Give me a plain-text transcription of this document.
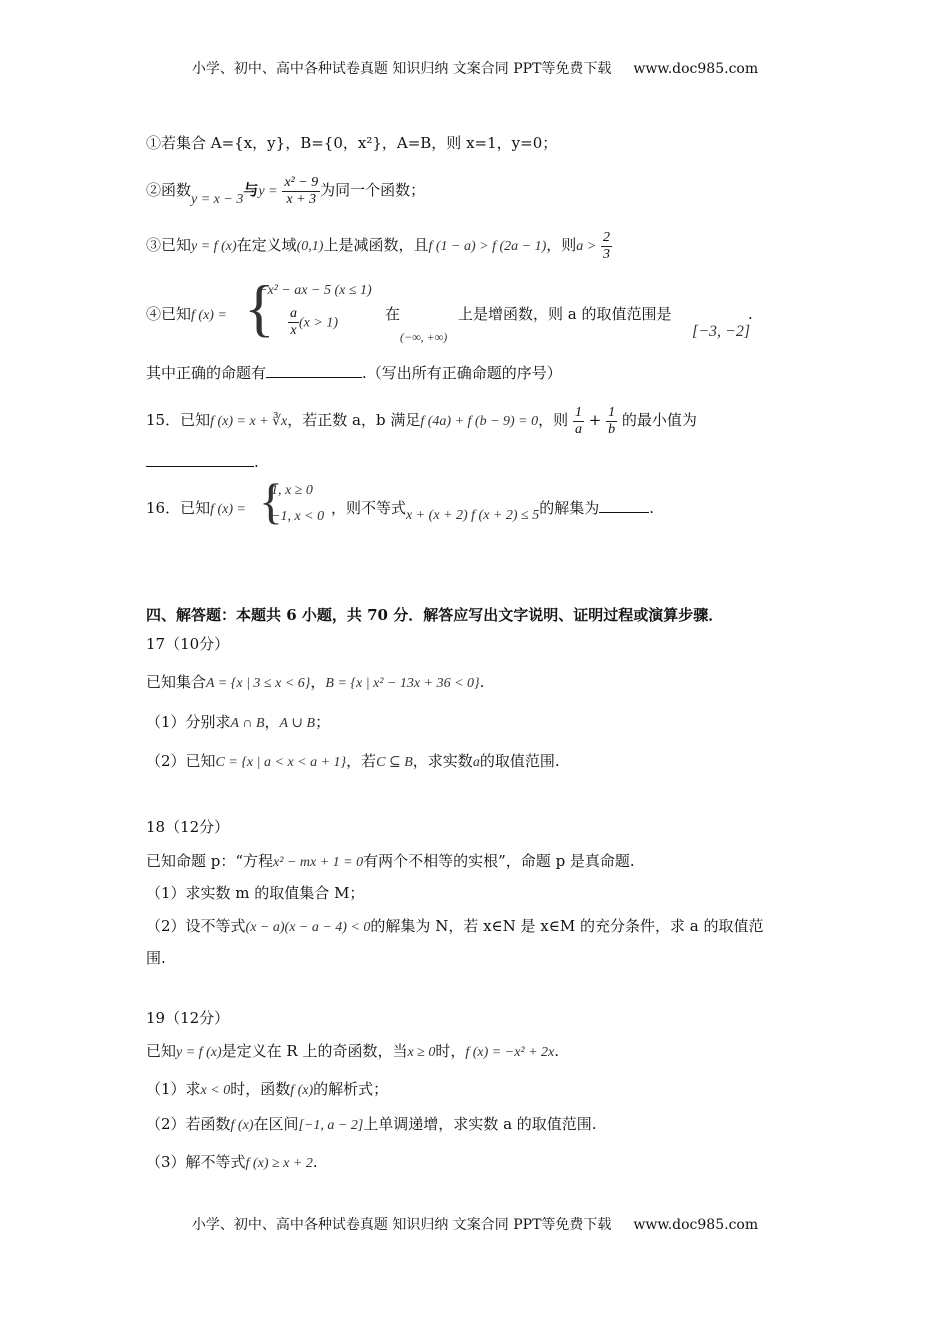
小学、初中、高中各种试卷真题 知识归纳 文案合同 PPT等免费下载 www.doc985.com
①若集合 A={x，y}，B={0，x²}，A=B，则 x=1，y=0；
②函数y = x − 3与$y = \frac{\text{x² − 9}}{x + 3}$ 为同一个函数；
③已知y = f (x)在定义域(0,1)上是减函数，且f (1 − a) > f (2a − 1)，则$a > \frac{2}{3}$
④已知f (x) = {
−x² − ax − 5 (x ≤ 1)
$\frac{a}{x} (x > 1)$	在
(−∞, +∞)
上是增函数，则 a 的取值范围是
[−3, −2]
.
其中正确的命题有	.（写出所有正确命题的序号）
15．已知f (x) = x + ∛x，若正数 a，b 满足f (4a) + f (b − 9) = 0，则 $\frac{1}{a} + \frac{1}{b}$ 的最小值为
.
16．已知f (x) = {
1, x ≥ 0
−1, x < 0 ，则不等式x + (x + 2) f (x + 2) ≤ 5的解集为	.
四、解答题：本题共 6 小题，共 70 分．解答应写出文字说明、证明过程或演算步骤．
17（10分）
已知集合A = {x | 3 ≤ x < 6}，B = {x | x² − 13x + 36 < 0}.
（1）分别求A ∩ B，A ∪ B；
（2）已知C = {x | a < x < a + 1}，若C ⊆ B，求实数a的取值范围.
18（12分）
已知命题 p：“方程x² − mx + 1 = 0有两个不相等的实根”，命题 p 是真命题.
（1）求实数 m 的取值集合 M；
（2）设不等式(x − a)(x − a − 4) < 0的解集为 N，若 x∈N 是 x∈M 的充分条件，求 a 的取值范
围.
19（12分）
已知y = f (x)是定义在 R 上的奇函数，当x ≥ 0时，f (x) = −x² + 2x.
（1）求x < 0时，函数f (x)的解析式；
（2）若函数f (x)在区间[−1, a − 2]上单调递增，求实数 a 的取值范围.
（3）解不等式f (x) ≥ x + 2.
小学、初中、高中各种试卷真题 知识归纳 文案合同 PPT等免费下载 www.doc985.com
